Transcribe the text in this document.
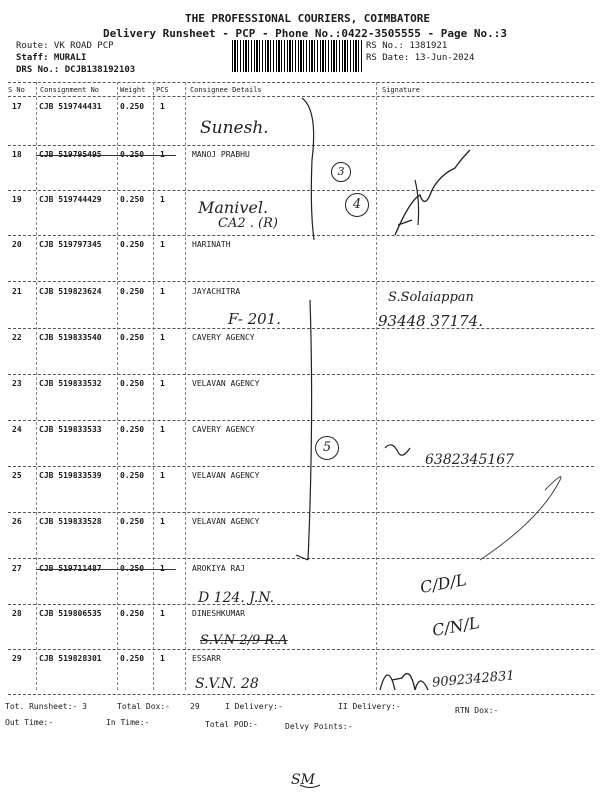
THE PROFESSIONAL COURIERS, COIMBATORE
Delivery Runsheet - PCP - Phone No.:0422-3505555 - Page No.:3
Route: VK ROAD PCP
Staff: MURALI
DRS No.: DCJB138192103
RS No.: 1381921
RS Date: 13-Jun-2024
S No Consignment No	Weight PCS	Consignee Details	Signature
17 CJB 519744431 0.250 1
18 CJB 519795495 0.250 1	MANOJ PRABHU
19 CJB 519744429 0.250 1
20 CJB 519797345 0.250 1	HARINATH
21 CJB 519823624 0.250 1	JAYACHITRA
22 CJB 519833540 0.250 1	CAVERY AGENCY
23 CJB 519833532 0.250 1	VELAVAN AGENCY
24 CJB 519833533 0.250 1	CAVERY AGENCY
25 CJB 519833539 0.250 1	VELAVAN AGENCY
26 CJB 519833528 0.250 1	VELAVAN AGENCY
27 CJB 519711487 0.250 1	AROKIYA RAJ
28 CJB 519806535 0.250 1	DINESHKUMAR
29 CJB 519828301 0.250 1	ESSARR
Sunesh.
Manivel.
CA2 . (R)
S.Solaiappan
F- 201.	93448 37174.
6382345167
D 124. J.N.
S.V.N 2/9 R.A
S.V.N. 28	9092342831
C/D/L
C/N/L
SM
3
4
5
Tot. Runsheet:- 3	Total Dox:-	29	I Delivery:-	II Delivery:-	RTN Dox:-
Out Time:-	In Time:-	Total POD:-	Delvy Points:-
